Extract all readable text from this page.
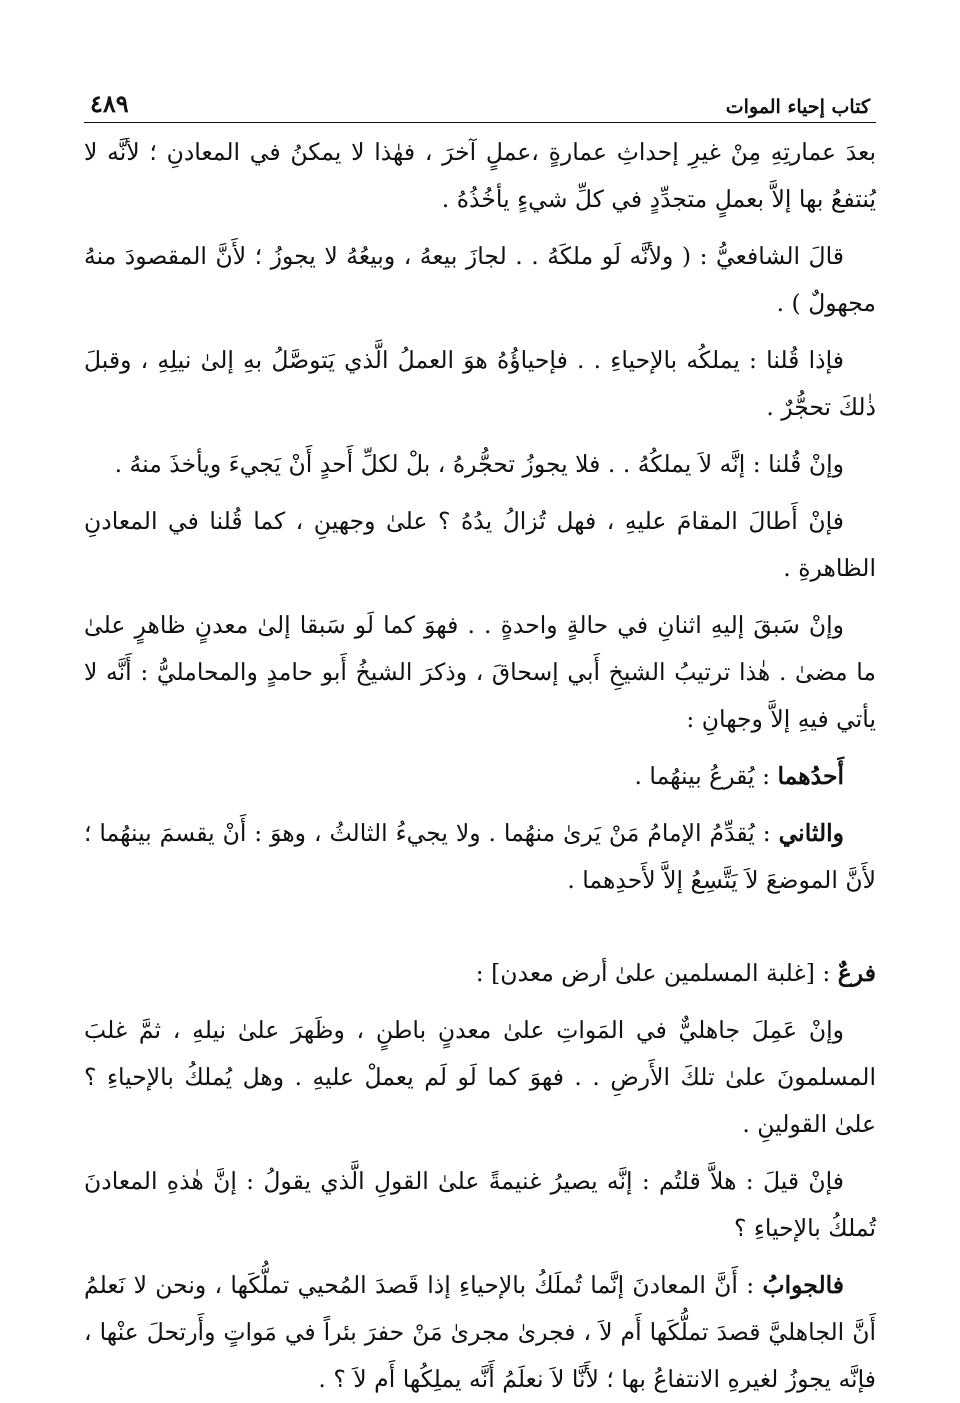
كتاب إحياء الموات
٤٨٩

بعدَ عمارتِهِ مِنْ غيرِ إحداثِ عمارةٍ ،عملٍ آخرَ ، فهٰذا لا يمكنُ في المعادنِ ؛ لأنَّه لا يُنتفعُ بها إلاَّ بعملٍ متجدِّدٍ في كلِّ شيءٍ يأخُذُهُ .

قالَ الشافعيُّ : ( ولأنَّه لَو ملكَهُ . . لجازَ بيعهُ ، وبيعُهُ لا يجوزُ ؛ لأَنَّ المقصودَ منهُ مجهولٌ ) .

فإذا قُلنا : يملكُه بالإحياءِ . . فإحياؤُهُ هوَ العملُ الَّذي يَتوصَّلُ بهِ إلىٰ نيلِهِ ، وقبلَ ذٰلكَ تحجُّرٌ .

وإنْ قُلنا : إنَّه لاَ يملكُهُ . . فلا يجوزُ تحجُّرهُ ، بلْ لكلِّ أَحدٍ أَنْ يَجيءَ ويأخذَ منهُ .

فإنْ أَطالَ المقامَ عليهِ ، فهل تُزالُ يدُهُ ؟ علىٰ وجهينِ ، كما قُلنا في المعادنِ الظاهرةِ .

وإنْ سَبقَ إليهِ اثنانِ في حالةٍ واحدةٍ . . فهوَ كما لَو سَبقا إلىٰ معدنٍ ظاهرٍ علىٰ ما مضىٰ . هٰذا ترتيبُ الشيخِ أَبي إسحاقَ ، وذكرَ الشيخُ أَبو حامدٍ والمحامليُّ : أَنَّه لا يأتي فيهِ إلاَّ وجهانِ :

أَحدُهما : يُقرعُ بينهُما .

والثاني : يُقدِّمُ الإمامُ مَنْ يَرىٰ منهُما . ولا يجيءُ الثالثُ ، وهوَ : أَنْ يقسمَ بينهُما ؛ لأَنَّ الموضعَ لاَ يَتَّسِعُ إلاَّ لأَحدِهما .

فرعٌ : [غلبة المسلمين علىٰ أرض معدن] :

وإنْ عَمِلَ جاهليٌّ في المَواتِ علىٰ معدنٍ باطنٍ ، وظَهرَ علىٰ نيلهِ ، ثمَّ غلبَ المسلمونَ علىٰ تلكَ الأَرضِ . . فهوَ كما لَو لَم يعملْ عليهِ . وهل يُملكُ بالإحياءِ ؟ علىٰ القولينِ .

فإنْ قيلَ : هلاَّ قلتُم : إنَّه يصيرُ غنيمةً علىٰ القولِ الَّذي يقولُ : إنَّ هٰذهِ المعادنَ تُملكُ بالإحياءِ ؟

فالجوابُ : أَنَّ المعادنَ إنَّما تُملَكُ بالإحياءِ إذا قَصدَ المُحيي تملُّكَها ، ونحن لا نَعلمُ أَنَّ الجاهليَّ قصدَ تملُّكَها أَم لاَ ، فجرىٰ مجرىٰ مَنْ حفرَ بئراً في مَواتٍ وأَرتحلَ عنْها ، فإنَّه يجوزُ لغيرهِ الانتفاعُ بها ؛ لأَنَّا لاَ نعلَمُ أَنَّه يملِكُها أَم لاَ ؟ .
